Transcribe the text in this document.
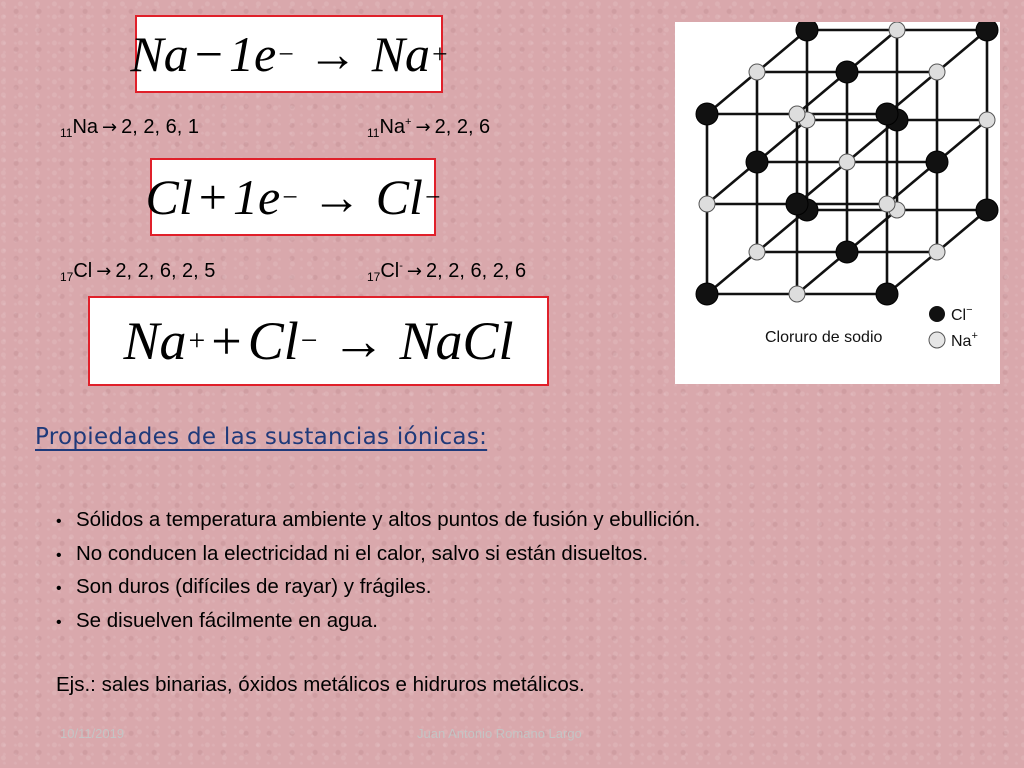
Na − 1e − → Na +
$_{11}$Na → 2, 2, 6, 1	$_{11}$Na+ → 2, 2, 6
Cl + 1e − → Cl −
$_{17}$Cl → 2, 2, 6, 2, 5	$_{17}$Cl- → 2, 2, 6, 2, 6
Na + + Cl − → NaCl	Cloruro de sodio
Cl−
Na+
Propiedades de las sustancias iónicas:
• Sólidos a temperatura ambiente y altos puntos de fusión y ebullición.
• No conducen la electricidad ni el calor, salvo si están disueltos.
• Son duros (difíciles de rayar) y frágiles.
• Se disuelven fácilmente en agua.
Ejs.: sales binarias, óxidos metálicos e hidruros metálicos.
10/11/2019	Juan Antonio Romano Largo
